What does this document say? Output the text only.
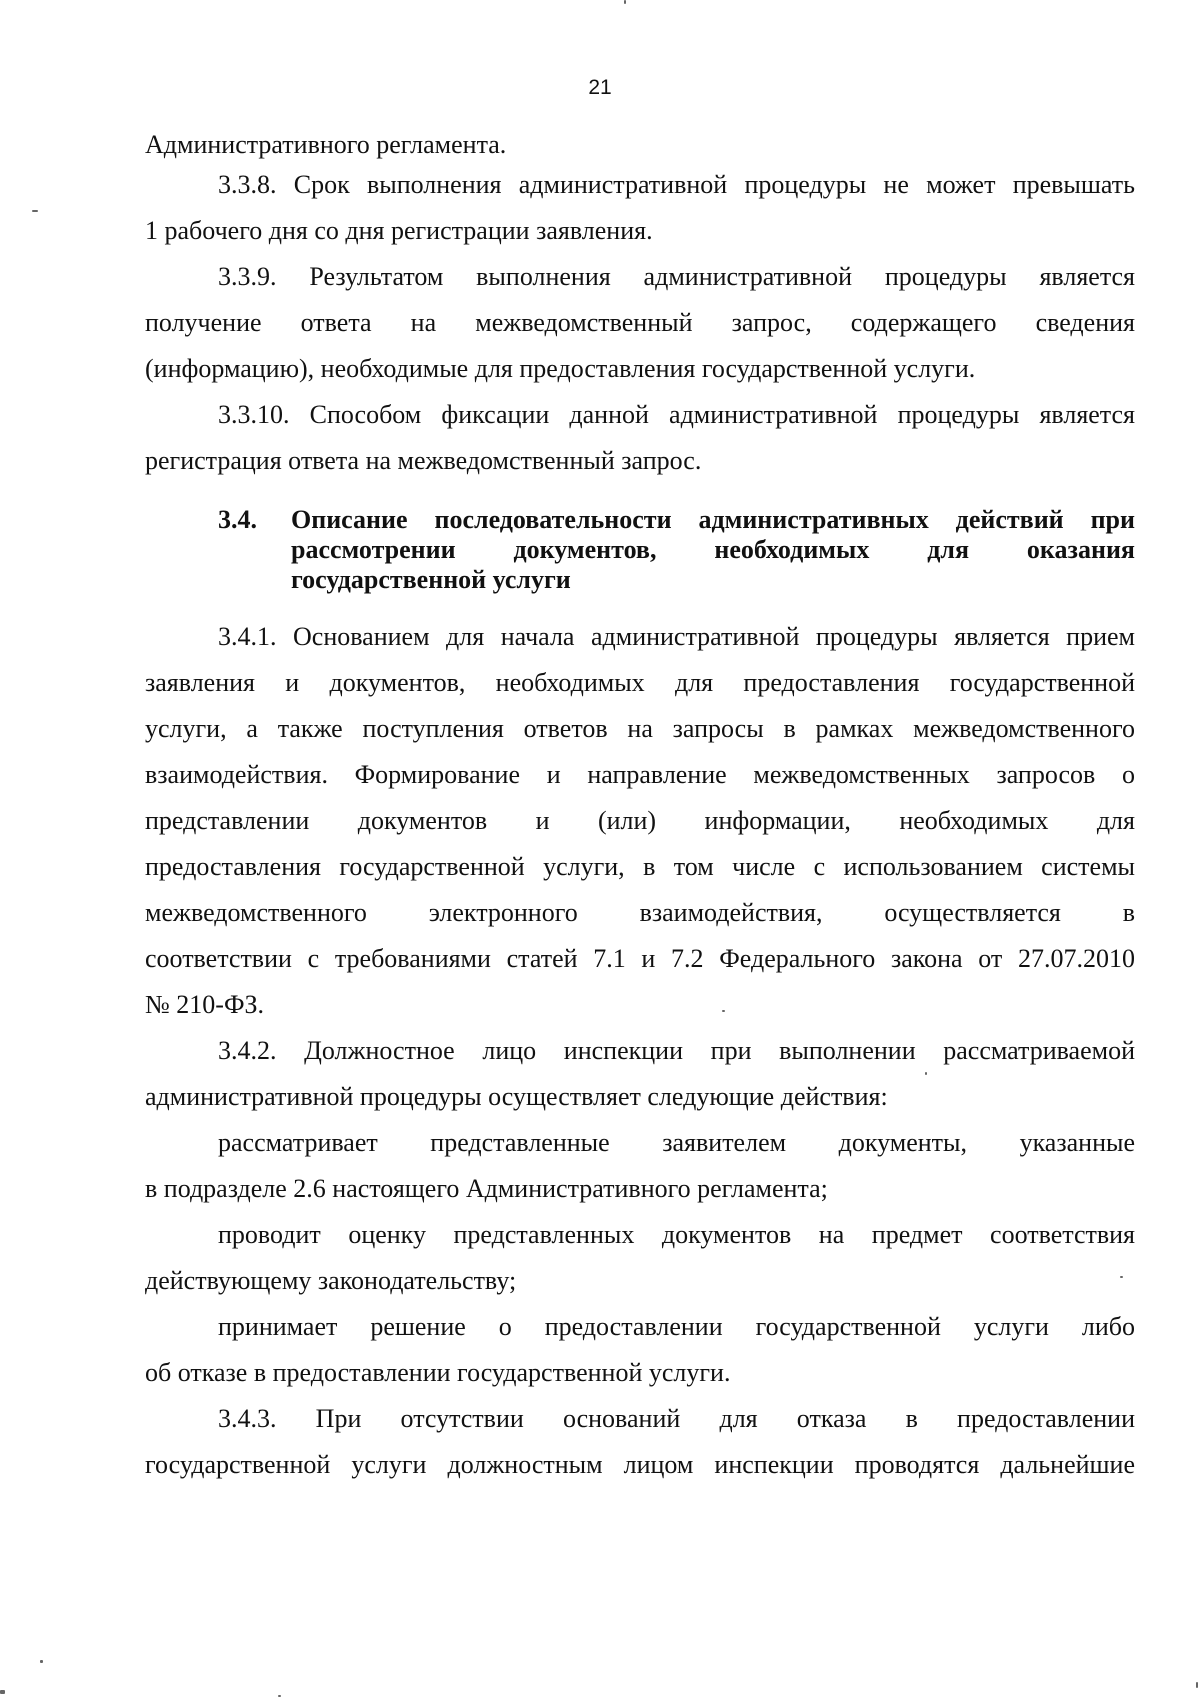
21
Административного регламента.
3.3.8. Срок выполнения административной процедуры не может превышать
1 рабочего дня со дня регистрации заявления.
3.3.9. Результатом выполнения административной процедуры является
получение ответа на межведомственный запрос, содержащего сведения
(информацию), необходимые для предоставления государственной услуги.
3.3.10. Способом фиксации данной административной процедуры является
регистрация ответа на межведомственный запрос.
3.4. Описание последовательности административных действий при
рассмотрении документов, необходимых для оказания
государственной услуги
3.4.1. Основанием для начала административной процедуры является прием
заявления и документов, необходимых для предоставления государственной
услуги, а также поступления ответов на запросы в рамках межведомственного
взаимодействия. Формирование и направление межведомственных запросов о
представлении документов и (или) информации, необходимых для
предоставления государственной услуги, в том числе с использованием системы
межведомственного электронного взаимодействия, осуществляется в
соответствии с требованиями статей 7.1 и 7.2 Федерального закона от 27.07.2010
№ 210-ФЗ.
3.4.2. Должностное лицо инспекции при выполнении рассматриваемой
административной процедуры осуществляет следующие действия:
рассматривает представленные заявителем документы, указанные
в подразделе 2.6 настоящего Административного регламента;
проводит оценку представленных документов на предмет соответствия
действующему законодательству;
принимает решение о предоставлении государственной услуги либо
об отказе в предоставлении государственной услуги.
3.4.3. При отсутствии оснований для отказа в предоставлении
государственной услуги должностным лицом инспекции проводятся дальнейшие
